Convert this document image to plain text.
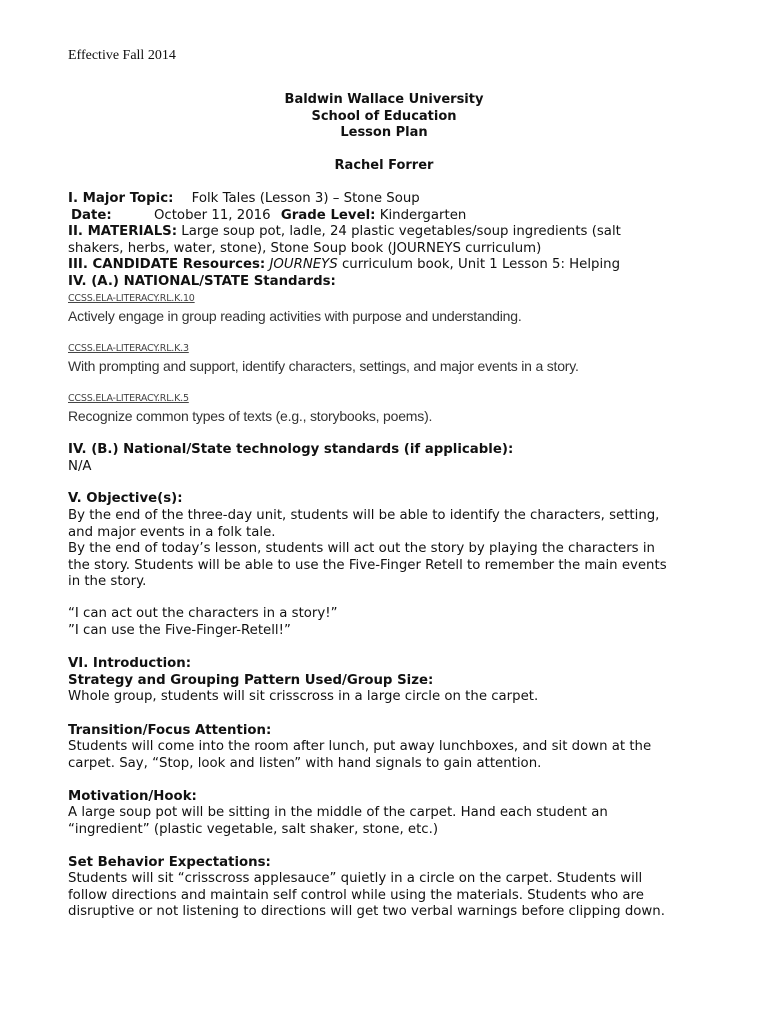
Effective Fall 2014
Baldwin Wallace University
School of Education
Lesson Plan
Rachel Forrer
I. Major Topic: Folk Tales (Lesson 3) – Stone Soup
Date:	October 11, 2016 Grade Level: Kindergarten
II. MATERIALS: Large soup pot, ladle, 24 plastic vegetables/soup ingredients (salt
shakers, herbs, water, stone), Stone Soup book (JOURNEYS curriculum)
III. CANDIDATE Resources: JOURNEYS curriculum book, Unit 1 Lesson 5: Helping
IV. (A.) NATIONAL/STATE Standards:
CCSS.ELA-LITERACY.RL.K.10
Actively engage in group reading activities with purpose and understanding.
CCSS.ELA-LITERACY.RL.K.3
With prompting and support, identify characters, settings, and major events in a story.
CCSS.ELA-LITERACY.RL.K.5
Recognize common types of texts (e.g., storybooks, poems).
IV. (B.) National/State technology standards (if applicable):
N/A
V. Objective(s):
By the end of the three-day unit, students will be able to identify the characters, setting,
and major events in a folk tale.
By the end of today’s lesson, students will act out the story by playing the characters in
the story. Students will be able to use the Five-Finger Retell to remember the main events
in the story.
“I can act out the characters in a story!”
”I can use the Five-Finger-Retell!”
VI. Introduction:
Strategy and Grouping Pattern Used/Group Size:
Whole group, students will sit crisscross in a large circle on the carpet.
Transition/Focus Attention:
Students will come into the room after lunch, put away lunchboxes, and sit down at the
carpet. Say, “Stop, look and listen” with hand signals to gain attention.
Motivation/Hook:
A large soup pot will be sitting in the middle of the carpet. Hand each student an
“ingredient” (plastic vegetable, salt shaker, stone, etc.)
Set Behavior Expectations:
Students will sit “crisscross applesauce” quietly in a circle on the carpet. Students will
follow directions and maintain self control while using the materials. Students who are
disruptive or not listening to directions will get two verbal warnings before clipping down.
